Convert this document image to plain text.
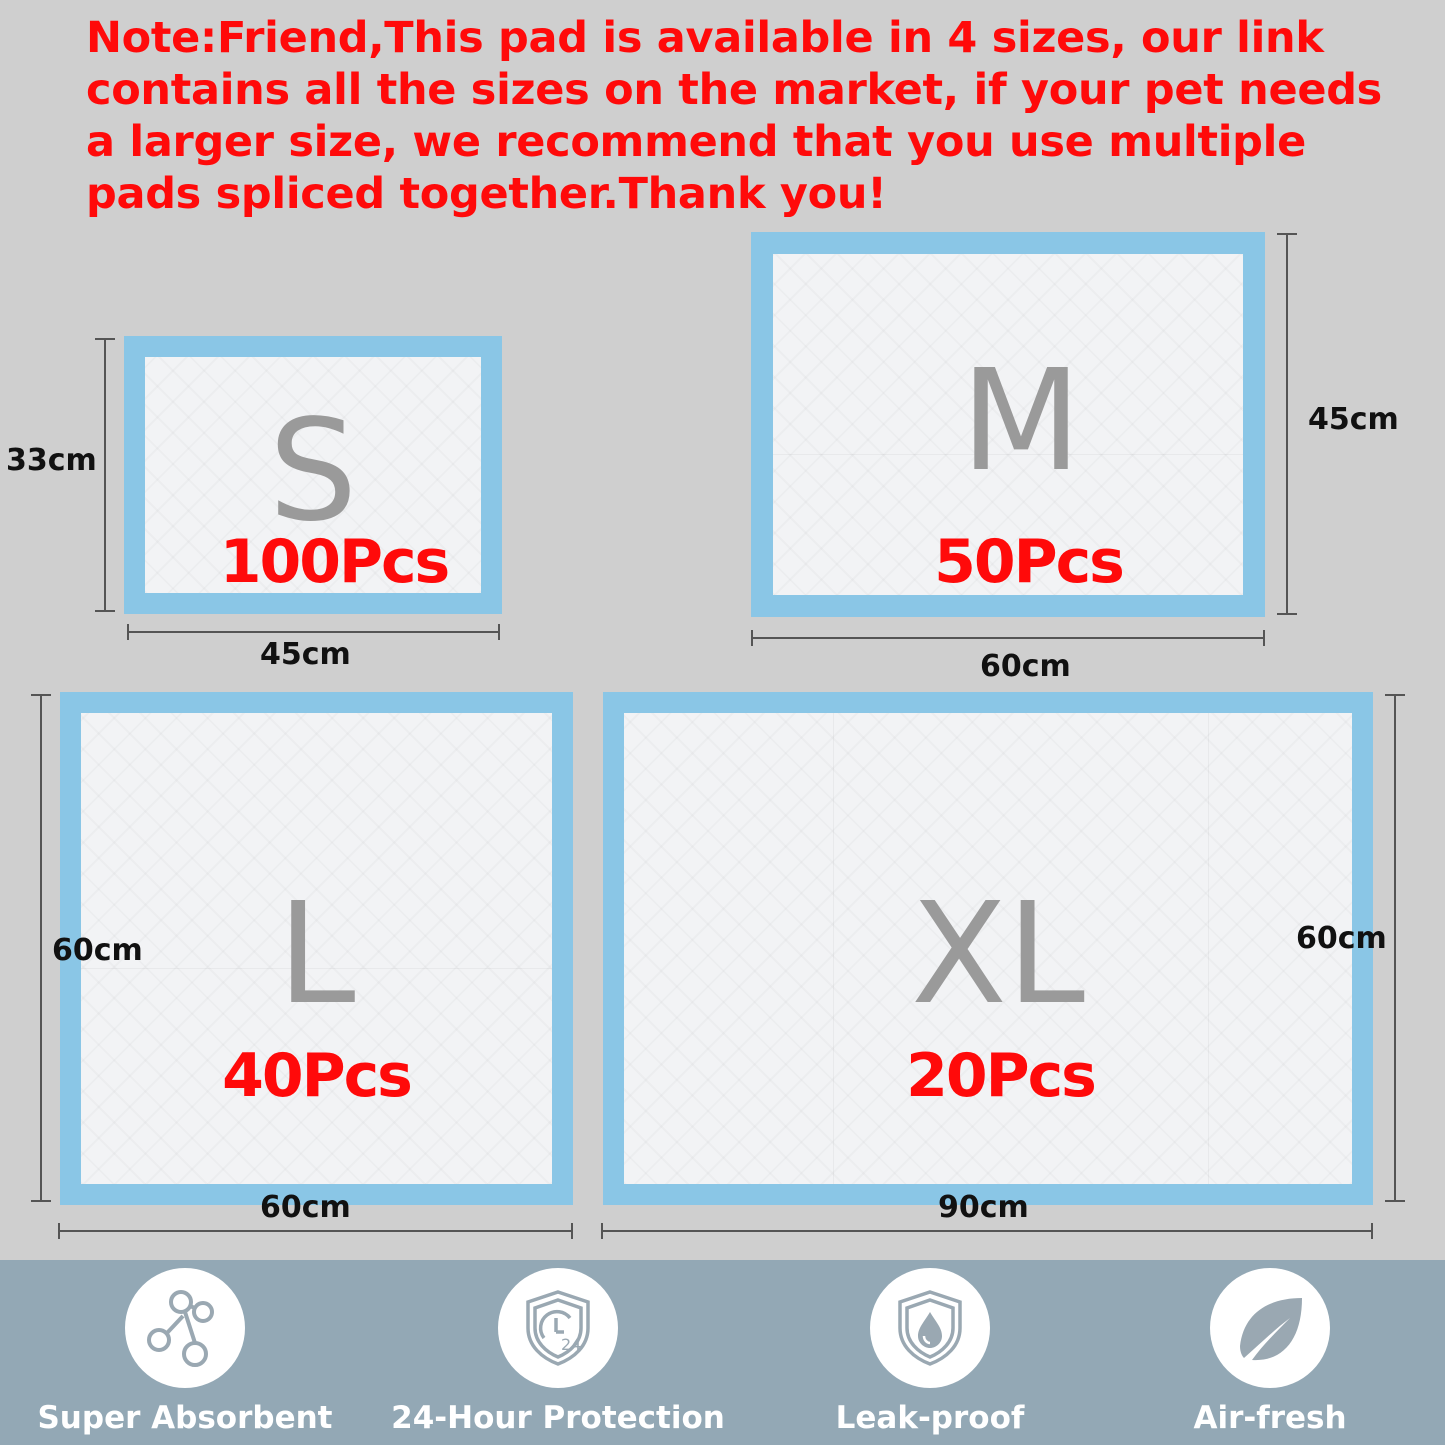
Note:Friend,This pad is available in 4 sizes, our link contains all the sizes on the market, if your pet needs a larger size, we recommend that you use multiple pads spliced together.Thank you!

S
100Pcs
33cm
45cm
M
50Pcs
45cm
60cm
L
40Pcs
60cm
60cm
XL
20Pcs
60cm
90cm
Super Absorbent
24
24-Hour Protection	Leak-proof	Air-fresh
